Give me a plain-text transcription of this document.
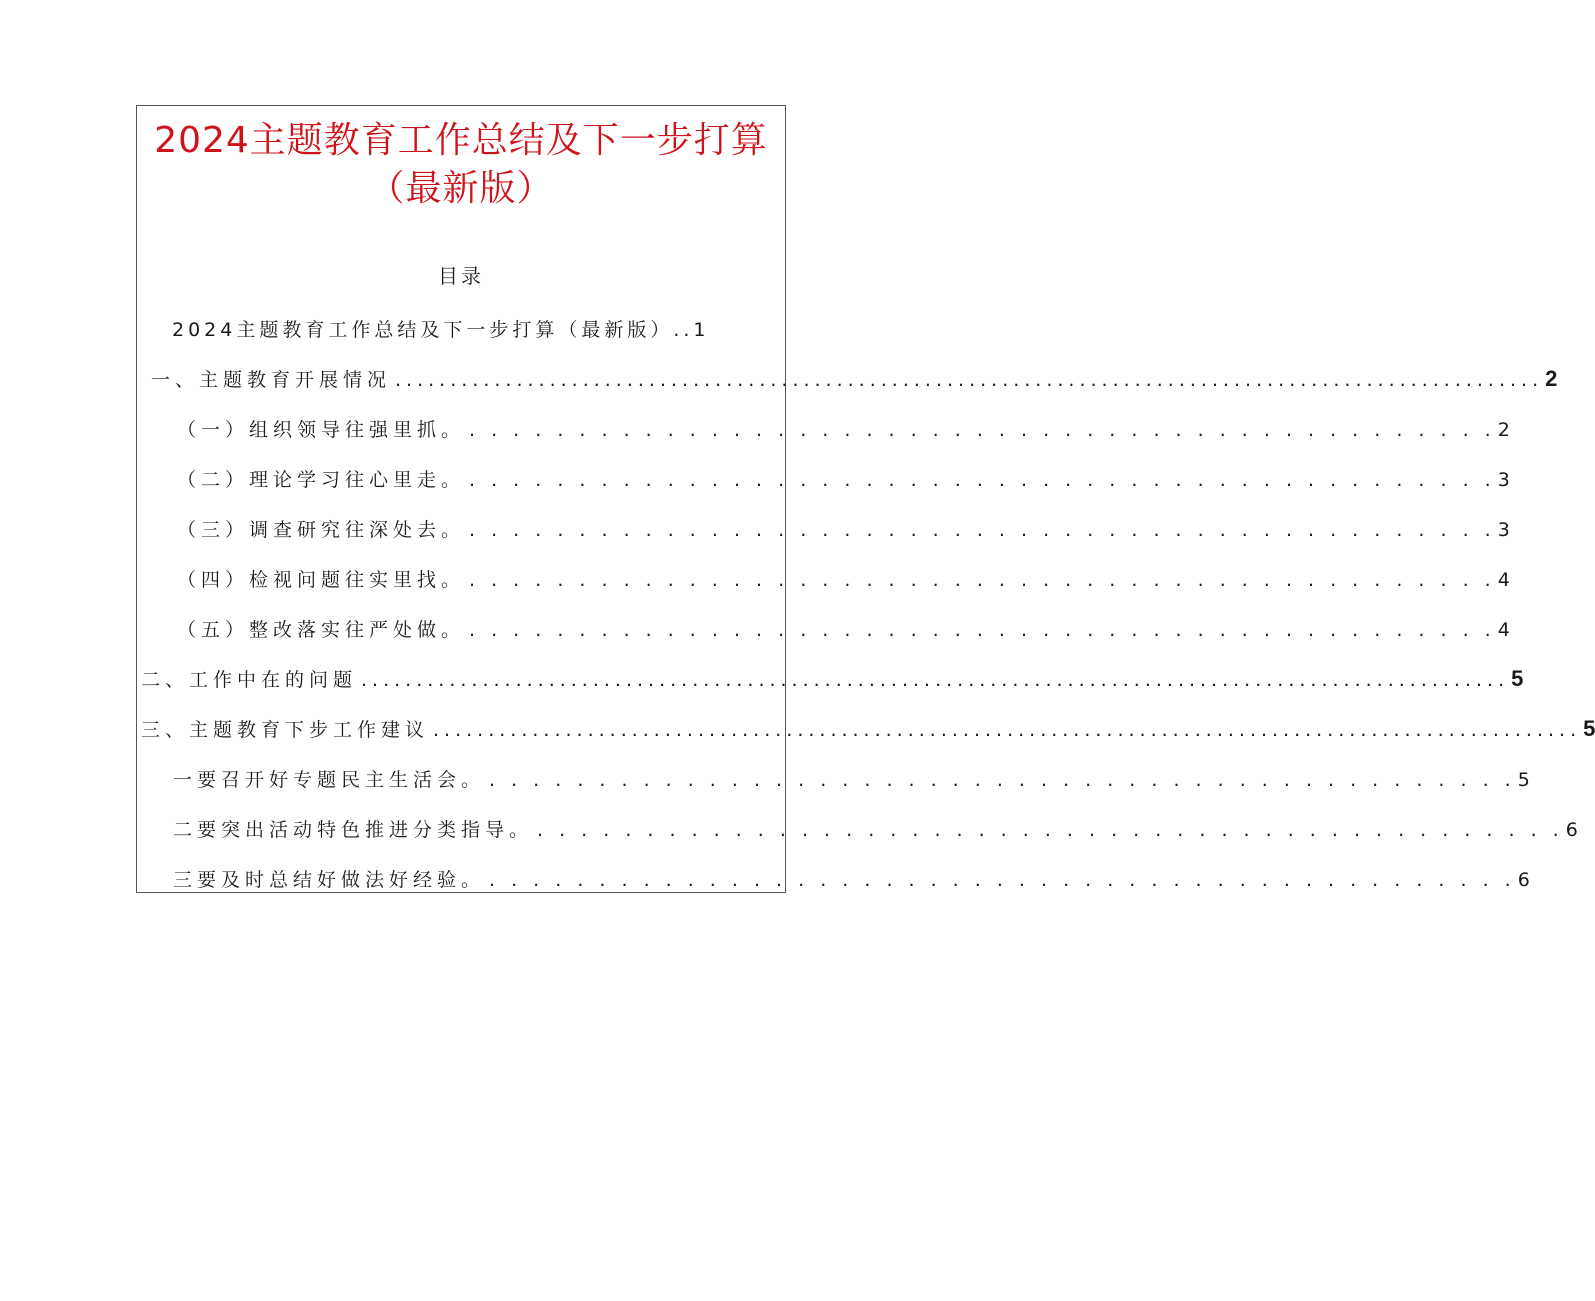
2024主题教育工作总结及下一步打算
（最新版）
目录
2024主题教育工作总结及下一步打算（最新版）..1
一、主题教育开展情况 ........................................................................................................ 2
（一）组织领导往强里抓。 . . . . . . . . . . . . . . . . . . . . . . . . . . . . . . . . . . . . . . . . . . . . . . . 2
（二）理论学习往心里走。 . . . . . . . . . . . . . . . . . . . . . . . . . . . . . . . . . . . . . . . . . . . . . . . 3
（三）调查研究往深处去。 . . . . . . . . . . . . . . . . . . . . . . . . . . . . . . . . . . . . . . . . . . . . . . . 3
（四）检视问题往实里找。 . . . . . . . . . . . . . . . . . . . . . . . . . . . . . . . . . . . . . . . . . . . . . . . 4
（五）整改落实往严处做。 . . . . . . . . . . . . . . . . . . . . . . . . . . . . . . . . . . . . . . . . . . . . . . . 4
二、工作中在的问题 ........................................................................................................ 5
三、主题教育下步工作建议 ........................................................................................................ 5
一要召开好专题民主生活会。 . . . . . . . . . . . . . . . . . . . . . . . . . . . . . . . . . . . . . . . . . . . . . . . 5
二要突出活动特色推进分类指导。 . . . . . . . . . . . . . . . . . . . . . . . . . . . . . . . . . . . . . . . . . . . . . . . 6
三要及时总结好做法好经验。 . . . . . . . . . . . . . . . . . . . . . . . . . . . . . . . . . . . . . . . . . . . . . . . 6
